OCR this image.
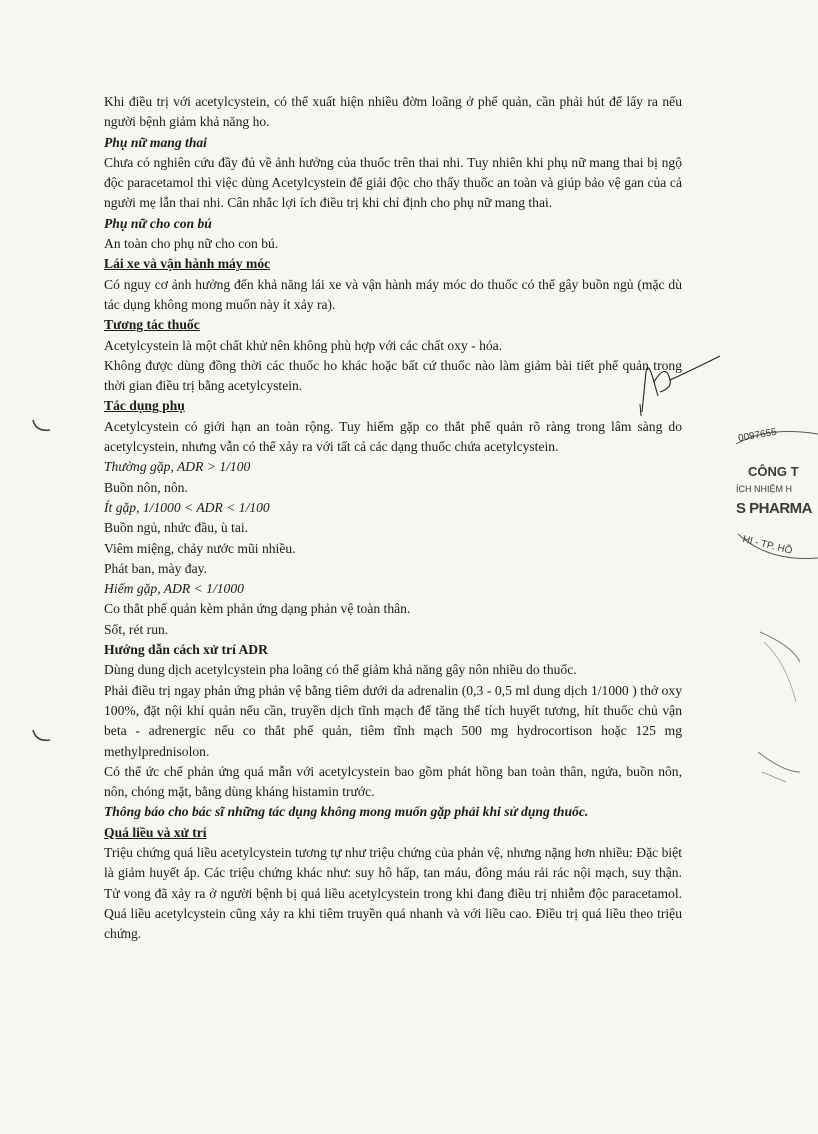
0097655
CÔNG T
ÍCH NHIỆM H
S PHARMA
HI - TP. HỒ

Khi điều trị với acetylcystein, có thể xuất hiện nhiều đờm loãng ở phế quản, cần phải hút để lấy ra nếu người bệnh giảm khả năng ho.

Phụ nữ mang thai

Chưa có nghiên cứu đầy đủ về ảnh hưởng của thuốc trên thai nhi. Tuy nhiên khi phụ nữ mang thai bị ngộ độc paracetamol thì việc dùng Acetylcystein để giải độc cho thấy thuốc an toàn và giúp bảo vệ gan của cả người mẹ lẫn thai nhi. Cân nhắc lợi ích điều trị khi chỉ định cho phụ nữ mang thai.

Phụ nữ cho con bú

An toàn cho phụ nữ cho con bú.

Lái xe và vận hành máy móc

Có nguy cơ ảnh hưởng đến khả năng lái xe và vận hành máy móc do thuốc có thể gây buồn ngủ (mặc dù tác dụng không mong muốn này ít xảy ra).

Tương tác thuốc

Acetylcystein là một chất khử nên không phù hợp với các chất oxy - hóa.

Không được dùng đồng thời các thuốc ho khác hoặc bất cứ thuốc nào làm giảm bài tiết phế quản trong thời gian điều trị bằng acetylcystein.

Tác dụng phụ

Acetylcystein có giới hạn an toàn rộng. Tuy hiếm gặp co thắt phế quản rõ ràng trong lâm sàng do acetylcystein, nhưng vẫn có thể xảy ra với tất cả các dạng thuốc chứa acetylcystein.

Thường gặp, ADR > 1/100

Buồn nôn, nôn.

Ít gặp, 1/1000 < ADR < 1/100

Buồn ngủ, nhức đầu, ù tai.

Viêm miệng, chảy nước mũi nhiều.

Phát ban, mày đay.

Hiếm gặp, ADR < 1/1000

Co thắt phế quản kèm phản ứng dạng phản vệ toàn thân.

Sốt, rét run.

Hướng dẫn cách xử trí ADR

Dùng dung dịch acetylcystein pha loãng có thể giảm khả năng gây nôn nhiều do thuốc.

Phải điều trị ngay phản ứng phản vệ bằng tiêm dưới da adrenalin (0,3 - 0,5 ml dung dịch 1/1000 ) thở oxy 100%, đặt nội khí quản nếu cần, truyền dịch tĩnh mạch để tăng thể tích huyết tương, hít thuốc chủ vận beta - adrenergic nếu co thắt phế quản, tiêm tĩnh mạch 500 mg hydrocortison hoặc 125 mg methylprednisolon.

Có thể ức chế phản ứng quá mẫn với acetylcystein bao gồm phát hồng ban toàn thân, ngứa, buồn nôn, nôn, chóng mặt, bằng dùng kháng histamin trước.

Thông báo cho bác sĩ những tác dụng không mong muốn gặp phải khi sử dụng thuốc.

Quá liều và xử trí

Triệu chứng quá liều acetylcystein tương tự như triệu chứng của phản vệ, nhưng nặng hơn nhiều: Đặc biệt là giảm huyết áp. Các triệu chứng khác như: suy hô hấp, tan máu, đông máu rải rác nội mạch, suy thận. Tử vong đã xảy ra ở người bệnh bị quá liều acetylcystein trong khi đang điều trị nhiễm độc paracetamol. Quá liều acetylcystein cũng xảy ra khi tiêm truyền quá nhanh và với liều cao. Điều trị quá liều theo triệu chứng.
